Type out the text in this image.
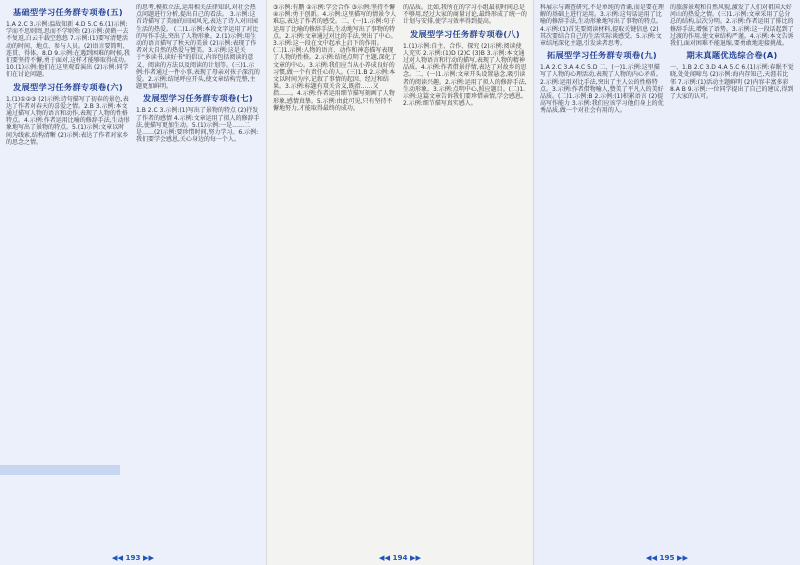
基础型学习任务群专项卷(五)
1.A 2.C 3.示例:温故知新 4.D 5.C 6.(1)示例:学而不思则罔,思而不学则殆 (2)示例:黄鹤一去不复返,白云千载空悠悠 7.示例:(1)要写清楚活动的时间、地点、参与人员。(2)语言要简明、连贯、得体。8.D 9.示例:在遇到困难的时候,我们要坚持不懈,勇于面对,这样才能够取得成功。10.(1)示例:他们在这里观看演出 (2)示例:同学们在讨论问题。
发展型学习任务群专项卷(六)
1.(1)①②③ (2)示例:诗句描写了初春的景色,表达了作者对春天的喜爱之情。2.B 3.示例:本文通过描写人物的语言和动作,表现了人物的性格特点。4.示例:作者运用比喻的修辞手法,生动形象地写出了景物的特点。5.(1)示例:文章以时间为线索,结构清晰 (2)示例:表达了作者对家乡的思念之情。
的思考,模拟立法,运用相关法律知识,对社会热点问题进行分析,提出自己的看法。 3.示例:这首诗描写了美丽的田园风光,表达了诗人对田园生活的热爱。 (二)1.示例:本段文字运用了对比的写作手法,突出了人物形象。2.(1)示例:用生动的语言描写了秋天的美景 (2)示例:表现了作者对大自然的热爱与赞美。3.示例:这是关于"多读书,读好书"的倡议,内容包括阅读的意义、阅读的方法以及阅读的计划等。(三)1.示例:作者通过一件小事,表现了母亲对孩子深沉的爱。2.示例:结尾呼应开头,使文章结构完整,主题更加鲜明。
发展型学习任务群专项卷(七)
1.B 2.C 3.示例:(1)写出了景物的特点 (2)抒发了作者的感情 4.示例:文章运用了拟人的修辞手法,使描写更加生动。5.(1)示例:一是……二是……(2)示例:要珍惜时间,努力学习。6.示例:我们要学会感恩,关心身边的每一个人。
◀◀ 193 ▶▶
③示例:有鹏 ②示例:学会合作 ③示例:坚持不懈 ④示例:勇于创新。4.示例:这里描写的情景令人难忘,表达了作者的感受。二、(一)1.示例:句子运用了比喻的修辞手法,生动地写出了事物的特点。2.示例:文章通过对比的手法,突出了中心。3.示例:这一段在文中起承上启下的作用。(二)1.示例:人物的语言、动作和神态描写表现了人物的性格。2.示例:结尾点明了主题,深化了文章的中心。3.示例:我们应当从小养成良好的习惯,做一个有责任心的人。(三)1.B 2.示例:本文以时间为序,记叙了事情的起因、经过和结果。3.示例:标题有双关含义,既指……又指……。4.示例:作者运用细节描写刻画了人物形象,感情真挚。5.示例:由此可见,只有坚持不懈地努力,才能取得最终的成功。
的品质。比如,我所在的学习小组最初时间总是不够用,经过大家的商量讨论,最终形成了统一的计划与安排,使学习效率得到提高。
发展型学习任务群专项卷(八)
1.(1)示例:自主、合作、探究 (2)示例:阅读使人充实 2.示例:(1)D (2)C (3)B 3.示例:本文通过对人物语言和行动的描写,表现了人物的精神品质。4.示例:作者借景抒情,表达了对故乡的思念。二、(一)1.示例:文章开头设置悬念,吸引读者的阅读兴趣。2.示例:运用了拟人的修辞手法,生动形象。3.示例:点明中心,照应题目。(二)1.示例:这篇文章告诉我们要珍惜亲情,学会感恩。2.示例:细节描写真实感人。
◀◀ 194 ▶▶
科展示与调查研究,不是单纯的背诵,而是要在理解的基础上进行运用。3.示例:这句话运用了比喻的修辞手法,生动形象地写出了事物的特点。4.示例:(1)首先要阅读材料,提取关键信息 (2)其次要结合自己的生活实际谈感受。5.示例:文章结尾深化主题,引发读者思考。
拓展型学习任务群专项卷(九)
1.A 2.C 3.A 4.C 5.D 二、(一)1.示例:这里描写了人物的心理活动,表现了人物的内心矛盾。2.示例:运用对比手法,突出了主人公的性格特点。3.示例:作者借物喻人,赞美了平凡人的美好品质。(二)1.示例:B 2.示例:(1)积累语言 (2)提高写作能力 3.示例:我们应该学习他们身上的优秀品质,做一个对社会有用的人。
的旅游景观和自然风貌,激发了人们对祖国大好河山的热爱之情。(三)1.示例:文章采用了总分总的结构,层次分明。2.示例:作者运用了排比的修辞手法,增强了语势。3.示例:这一段话起到了过渡的作用,使文章结构严谨。4.示例:本文告诉我们,面对困难不能退缩,要勇敢地迎接挑战。
期末真题优选综合卷(A)
一、1.B 2.C 3.D 4.A 5.C 6.(1)示例:春眠不觉晓,处处闻啼鸟 (2)示例:海内存知己,天涯若比邻 7.示例:(1)活动主题鲜明 (2)内容丰富多彩 8.A B 9.示例:一位同学提出了自己的建议,得到了大家的认可。
◀◀ 195 ▶▶
